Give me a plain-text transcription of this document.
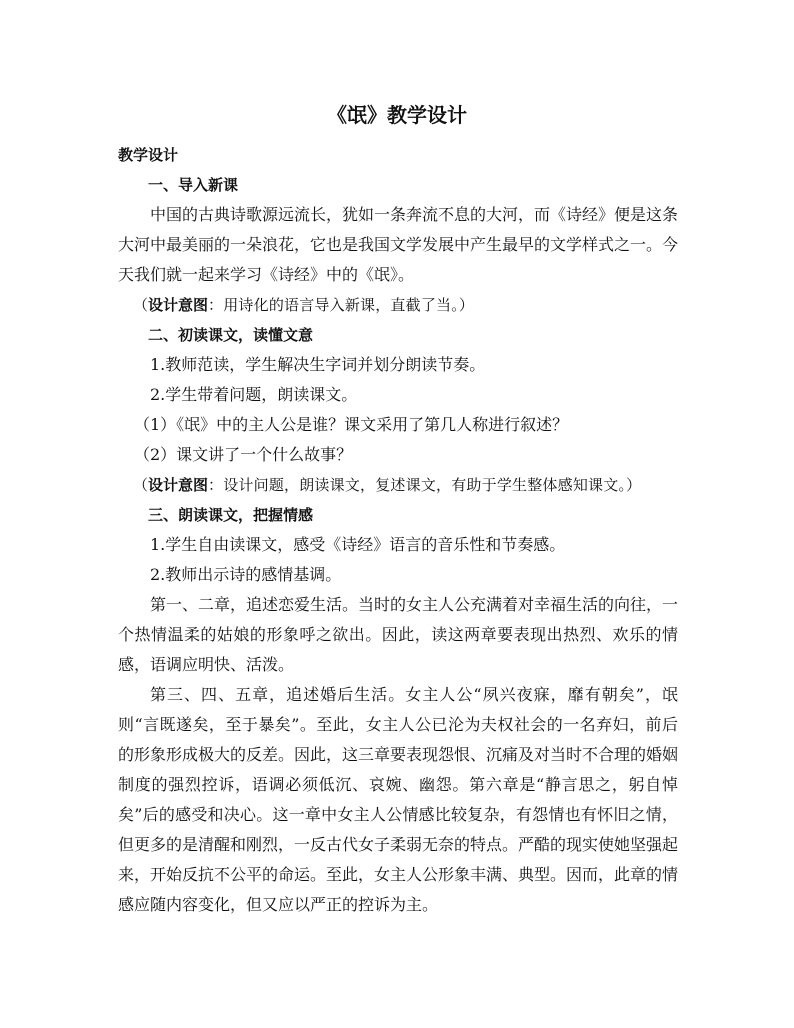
《氓》教学设计
教学设计
一、导入新课

中国的古典诗歌源远流长，犹如一条奔流不息的大河，而《诗经》便是这条大河中最美丽的一朵浪花，它也是我国文学发展中产生最早的文学样式之一。今天我们就一起来学习《诗经》中的《氓》。

（设计意图：用诗化的语言导入新课，直截了当。）
二、初读课文，读懂文意
1.教师范读，学生解决生字词并划分朗读节奏。
2.学生带着问题，朗读课文。
（1）《氓》中的主人公是谁？课文采用了第几人称进行叙述？
（2）课文讲了一个什么故事？
（设计意图：设计问题，朗读课文，复述课文，有助于学生整体感知课文。）
三、朗读课文，把握情感
1.学生自由读课文，感受《诗经》语言的音乐性和节奏感。
2.教师出示诗的感情基调。

第一、二章，追述恋爱生活。当时的女主人公充满着对幸福生活的向往，一个热情温柔的姑娘的形象呼之欲出。因此，读这两章要表现出热烈、欢乐的情感，语调应明快、活泼。

第三、四、五章，追述婚后生活。女主人公“夙兴夜寐，靡有朝矣”，氓则“言既遂矣，至于暴矣”。至此，女主人公已沦为夫权社会的一名弃妇，前后的形象形成极大的反差。因此，这三章要表现怨恨、沉痛及对当时不合理的婚姻制度的强烈控诉，语调必须低沉、哀婉、幽怨。第六章是“静言思之，躬自悼矣”后的感受和决心。这一章中女主人公情感比较复杂，有怨情也有怀旧之情，但更多的是清醒和刚烈，一反古代女子柔弱无奈的特点。严酷的现实使她坚强起来，开始反抗不公平的命运。至此，女主人公形象丰满、典型。因而，此章的情感应随内容变化，但又应以严正的控诉为主。
